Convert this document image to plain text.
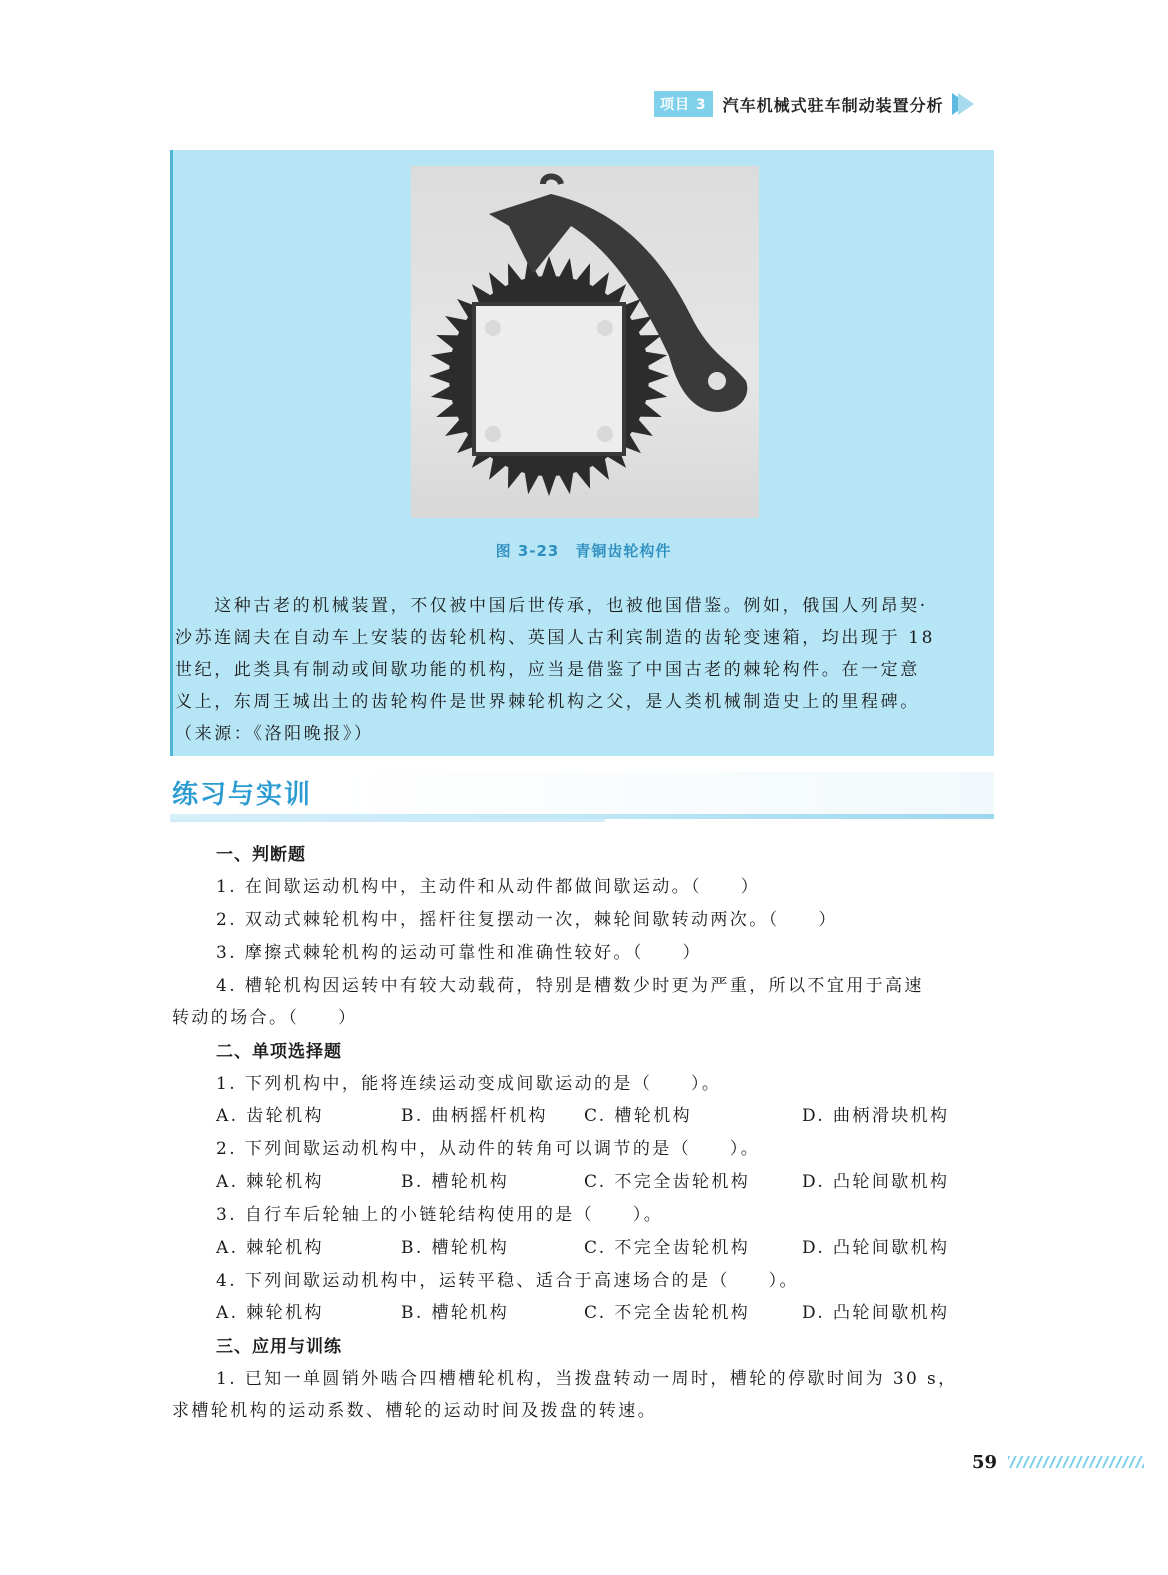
项目 3	汽车机械式驻车制动装置分析
图 3-23　青铜齿轮构件

　　这种古老的机械装置，不仅被中国后世传承，也被他国借鉴。例如，俄国人列昂契·
沙苏连阔夫在自动车上安装的齿轮机构、英国人古利宾制造的齿轮变速箱，均出现于 18
世纪，此类具有制动或间歇功能的机构，应当是借鉴了中国古老的棘轮构件。在一定意
义上，东周王城出土的齿轮构件是世界棘轮机构之父，是人类机械制造史上的里程碑。
（来源：《洛阳晚报》）

练习与实训
一、判断题
1. 在间歇运动机构中，主动件和从动件都做间歇运动。（　　）
2. 双动式棘轮机构中，摇杆往复摆动一次，棘轮间歇转动两次。（　　）
3. 摩擦式棘轮机构的运动可靠性和准确性较好。（　　）
4. 槽轮机构因运转中有较大动载荷，特别是槽数少时更为严重，所以不宜用于高速
转动的场合。（　　）
二、单项选择题
1. 下列机构中，能将连续运动变成间歇运动的是（　　）。
A. 齿轮机构	B. 曲柄摇杆机构 C. 槽轮机构	D. 曲柄滑块机构
2. 下列间歇运动机构中，从动件的转角可以调节的是（　　）。
A. 棘轮机构	B. 槽轮机构	C. 不完全齿轮机构	D. 凸轮间歇机构
3. 自行车后轮轴上的小链轮结构使用的是（　　）。
A. 棘轮机构	B. 槽轮机构	C. 不完全齿轮机构	D. 凸轮间歇机构
4. 下列间歇运动机构中，运转平稳、适合于高速场合的是（　　）。
A. 棘轮机构	B. 槽轮机构	C. 不完全齿轮机构	D. 凸轮间歇机构
三、应用与训练
1. 已知一单圆销外啮合四槽槽轮机构，当拨盘转动一周时，槽轮的停歇时间为 30 s，
求槽轮机构的运动系数、槽轮的运动时间及拨盘的转速。
59
